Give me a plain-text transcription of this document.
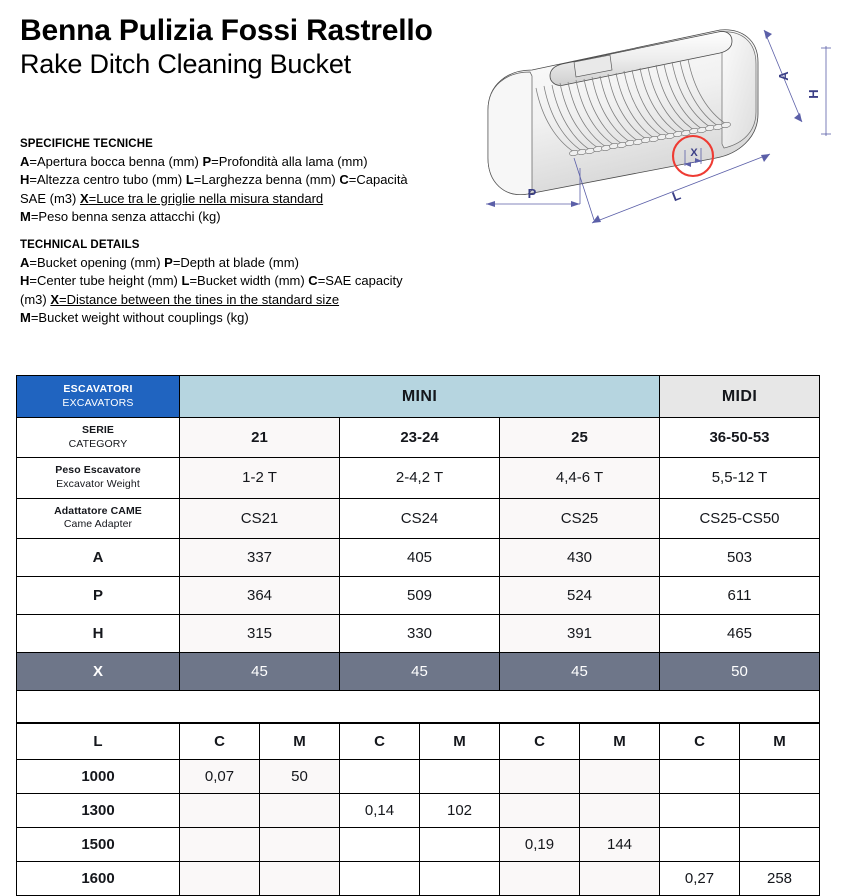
Benna Pulizia Fossi Rastrello
Rake Ditch Cleaning Bucket
SPECIFICHE TECNICHE
A=Apertura bocca benna (mm) P=Profondità alla lama (mm)
H=Altezza centro tubo (mm) L=Larghezza benna (mm) C=Capacità
SAE (m3) X=Luce tra le griglie nella misura standard
M=Peso benna senza attacchi (kg)
TECHNICAL DETAILS
A=Bucket opening (mm) P=Depth at blade (mm)
H=Center tube height (mm) L=Bucket width (mm) C=SAE capacity
(m3) X=Distance between the tines in the standard size
M=Bucket weight without couplings (kg)
A
H
L
P
X
ESCAVATORI
EXCAVATORS	MINI			MIDI

SERIE
CATEGORY	21	23-24	25	36-50-53

Peso Escavatore
Excavator Weight	1-2 T	2-4,2 T	4,4-6 T	5,5-12 T

Adattatore CAME
Came Adapter	CS21	CS24	CS25	CS25-CS50
A	337	405	430	503
P	364	509	524	611
H	315	330	391	465
X	45	45	45	50

L	C	M	C	M	C	M	C	M
1000	0,07	50						
1300			0,14	102				
1500					0,19	144		
1600							0,27	258
